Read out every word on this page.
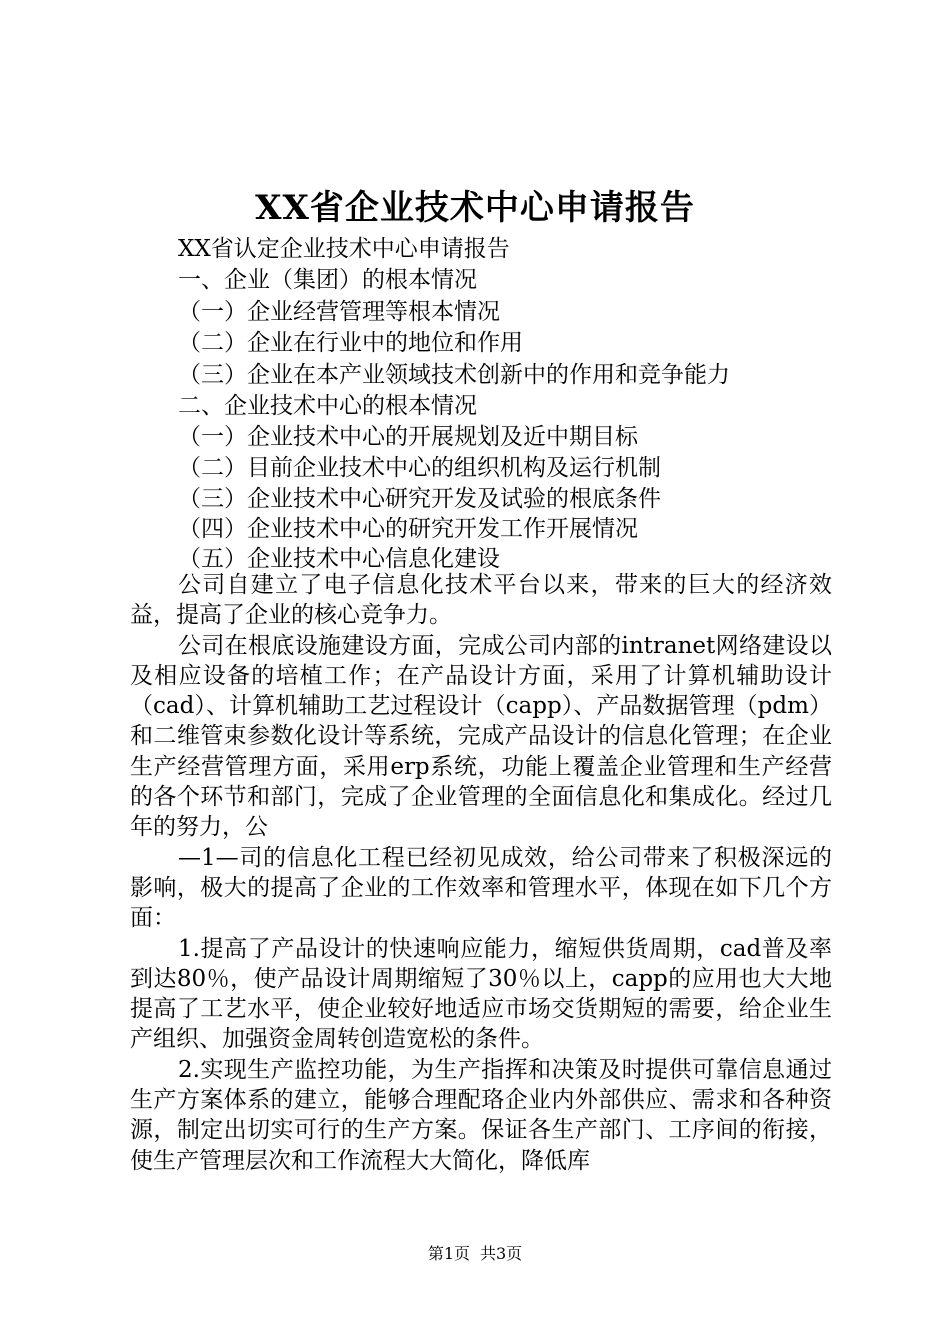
XX省企业技术中心申请报告
XX省认定企业技术中心申请报告
一、企业（集团）的根本情况
（一）企业经营管理等根本情况
（二）企业在行业中的地位和作用
（三）企业在本产业领域技术创新中的作用和竞争能力
二、企业技术中心的根本情况
（一）企业技术中心的开展规划及近中期目标
（二）目前企业技术中心的组织机构及运行机制
（三）企业技术中心研究开发及试验的根底条件
（四）企业技术中心的研究开发工作开展情况
（五）企业技术中心信息化建设

公司自建立了电子信息化技术平台以来，带来的巨大的经济效益，提高了企业的核心竞争力。

公司在根底设施建设方面，完成公司内部的intranet网络建设以及相应设备的培植工作；在产品设计方面，采用了计算机辅助设计（cad）、计算机辅助工艺过程设计（capp）、产品数据管理（pdm）和二维管束参数化设计等系统，完成产品设计的信息化管理；在企业生产经营管理方面，采用erp系统，功能上覆盖企业管理和生产经营的各个环节和部门，完成了企业管理的全面信息化和集成化。经过几年的努力，公

—1—司的信息化工程已经初见成效，给公司带来了积极深远的影响，极大的提高了企业的工作效率和管理水平，体现在如下几个方面：

1.提高了产品设计的快速响应能力，缩短供货周期，cad普及率到达80％，使产品设计周期缩短了30％以上，capp的应用也大大地提高了工艺水平，使企业较好地适应市场交货期短的需要，给企业生产组织、加强资金周转创造宽松的条件。

2.实现生产监控功能，为生产指挥和决策及时提供可靠信息通过生产方案体系的建立，能够合理配珞企业内外部供应、需求和各种资源，制定出切实可行的生产方案。保证各生产部门、工序间的衔接，使生产管理层次和工作流程大大简化，降低库

第1页 共3页
